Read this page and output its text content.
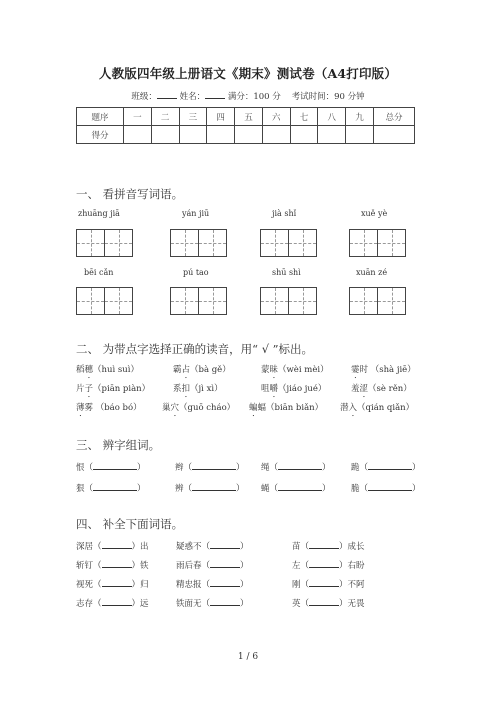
人教版四年级上册语文《期末》测试卷（A4打印版）
班级：	姓名：	满分：100 分 考试时间：90 分钟
题序	一	二	三	四	五	六	七	八	九	总分
得分										
一、 看拼音写词语。
zhuāng jiā	yán jiū	jià shǐ	xuě yè
bēi cǎn	pú tao	shū shì	xuān zé
二、 为带点字选择正确的读音，用“ √ ”标出。
稻穗（huì suì）	霸占（bà gě）	蒙昧（wèi mèi）	霎时 （shà jiē）
片子（piān piàn）	系扣（jì xì）	咀嚼（jiáo jué）	羞涩（sè rěn）
薄雾 （báo bó） 巢穴（guō cháo） 蝙蝠（biān biǎn） 潜入（qián qiǎn）
三、 辨字组词。
恨（	）	辫（	） 绳（	） 跪（	）
狠（	）	辨（	） 蝇（	） 脆（	）
四、 补全下面词语。
深居（	）出	疑惑不（	）	苗（	）成长
斩钉（	）铁	雨后春（	）	左（	）右盼
视死（	）归	精忠报（	）	刚（	）不阿
志存（	）远	铁面无（	）	英（	）无畏
1 / 6
